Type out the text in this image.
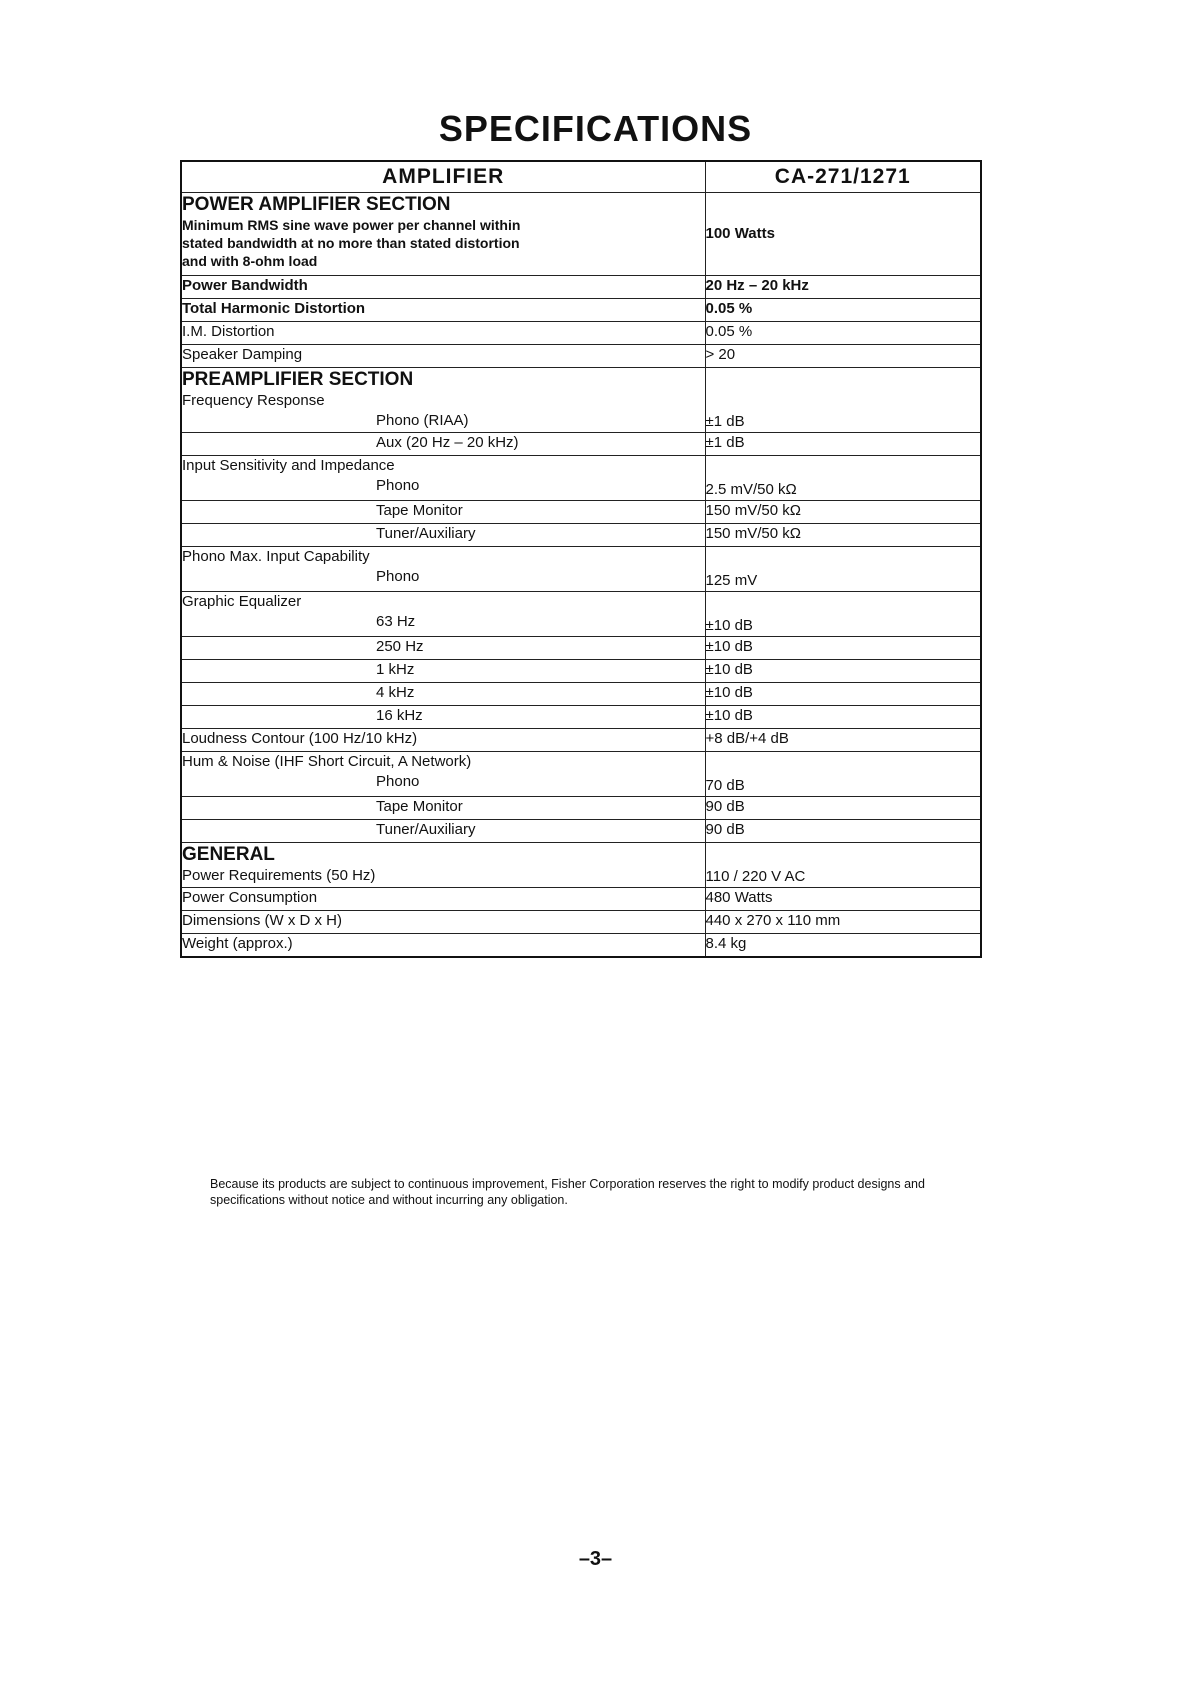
SPECIFICATIONS
AMPLIFIER	CA-271/1271

POWER AMPLIFIER SECTION
Minimum RMS sine wave power per channel within stated bandwidth at no more than stated distortion and with 8-ohm load	100 Watts
Power Bandwidth	20 Hz – 20 kHz
Total Harmonic Distortion	0.05 %
I.M. Distortion	0.05 %
Speaker Damping	> 20

PREAMPLIFIER SECTION
Frequency Response
Phono (RIAA)	±1 dB

Aux (20 Hz – 20 kHz)	±1 dB

Input Sensitivity and Impedance
Phono	2.5 mV/50 kΩ

Tape Monitor	150 mV/50 kΩ

Tuner/Auxiliary	150 mV/50 kΩ

Phono Max. Input Capability
Phono	125 mV

Graphic Equalizer
63 Hz	±10 dB

250 Hz	±10 dB

1 kHz	±10 dB

4 kHz	±10 dB

16 kHz	±10 dB
Loudness Contour (100 Hz/10 kHz)	+8 dB/+4 dB

Hum & Noise (IHF Short Circuit, A Network)
Phono	70 dB

Tape Monitor	90 dB

Tuner/Auxiliary	90 dB

GENERAL
Power Requirements (50 Hz)	110 / 220 V AC
Power Consumption	480 Watts
Dimensions (W x D x H)	440 x 270 x 110 mm
Weight (approx.)	8.4 kg

Because its products are subject to continuous improvement, Fisher Corporation reserves the right to modify product designs and specifications without notice and without incurring any obligation.

–3–
